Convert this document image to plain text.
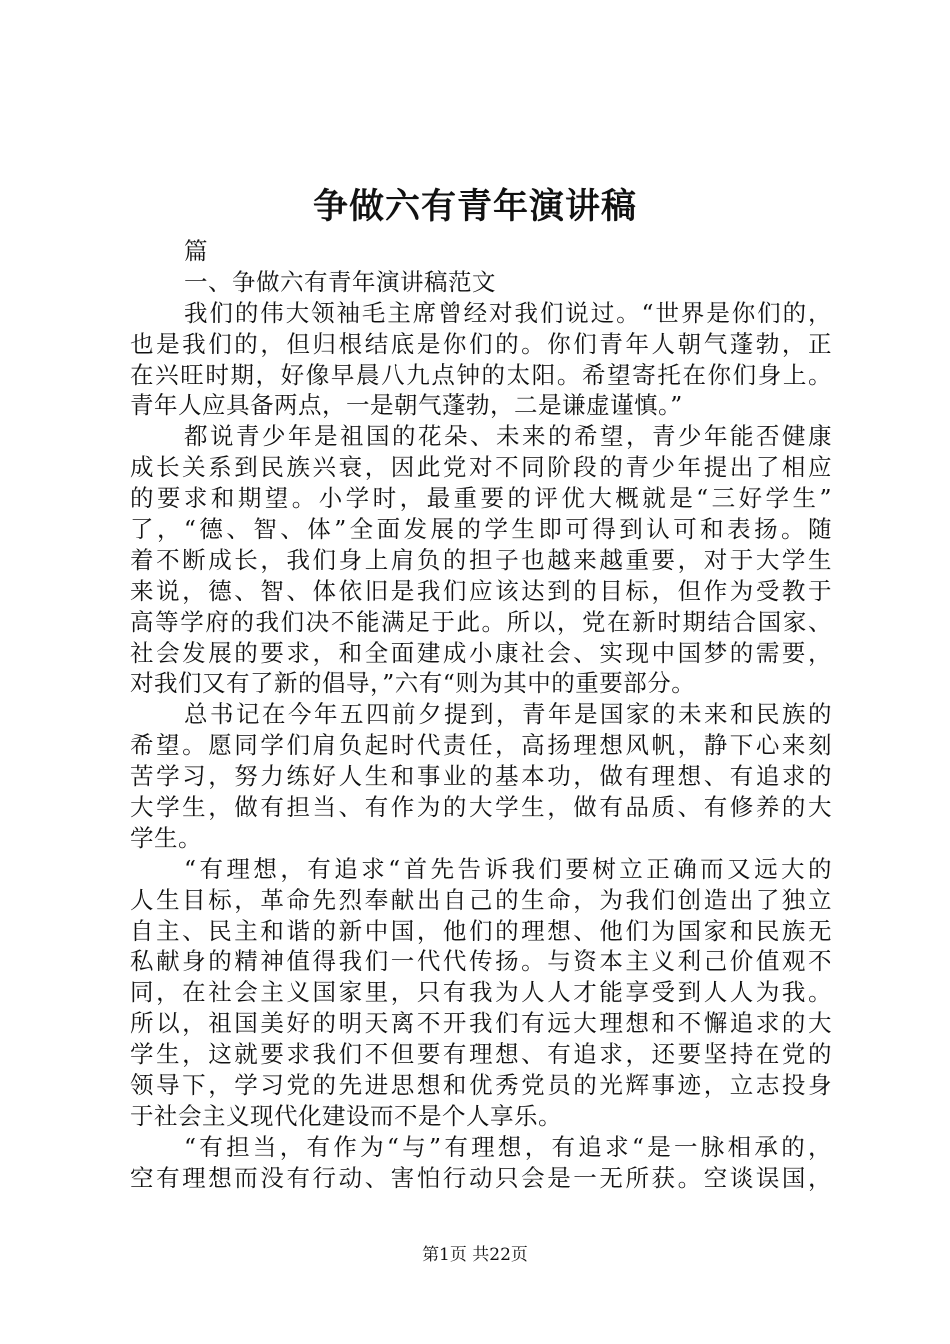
争做六有青年演讲稿
篇
一、争做六有青年演讲稿范文
我们的伟大领袖毛主席曾经对我们说过。“世界是你们的，
也是我们的，但归根结底是你们的。你们青年人朝气蓬勃，正
在兴旺时期，好像早晨八九点钟的太阳。希望寄托在你们身上。
青年人应具备两点，一是朝气蓬勃，二是谦虚谨慎。”
都说青少年是祖国的花朵、未来的希望，青少年能否健康
成长关系到民族兴衰，因此党对不同阶段的青少年提出了相应
的要求和期望。小学时，最重要的评优大概就是“三好学生”
了，“德、智、体”全面发展的学生即可得到认可和表扬。随
着不断成长，我们身上肩负的担子也越来越重要，对于大学生
来说，德、智、体依旧是我们应该达到的目标，但作为受教于
高等学府的我们决不能满足于此。所以，党在新时期结合国家、
社会发展的要求，和全面建成小康社会、实现中国梦的需要，
对我们又有了新的倡导，”六有“则为其中的重要部分。
总书记在今年五四前夕提到，青年是国家的未来和民族的
希望。愿同学们肩负起时代责任，高扬理想风帆，静下心来刻
苦学习，努力练好人生和事业的基本功，做有理想、有追求的
大学生，做有担当、有作为的大学生，做有品质、有修养的大
学生。
“有理想，有追求“首先告诉我们要树立正确而又远大的
人生目标，革命先烈奉献出自己的生命，为我们创造出了独立
自主、民主和谐的新中国，他们的理想、他们为国家和民族无
私献身的精神值得我们一代代传扬。与资本主义利己价值观不
同，在社会主义国家里，只有我为人人才能享受到人人为我。
所以，祖国美好的明天离不开我们有远大理想和不懈追求的大
学生，这就要求我们不但要有理想、有追求，还要坚持在党的
领导下，学习党的先进思想和优秀党员的光辉事迹，立志投身
于社会主义现代化建设而不是个人享乐。
“有担当，有作为“与”有理想，有追求“是一脉相承的，
空有理想而没有行动、害怕行动只会是一无所获。空谈误国，
第1页 共22页
